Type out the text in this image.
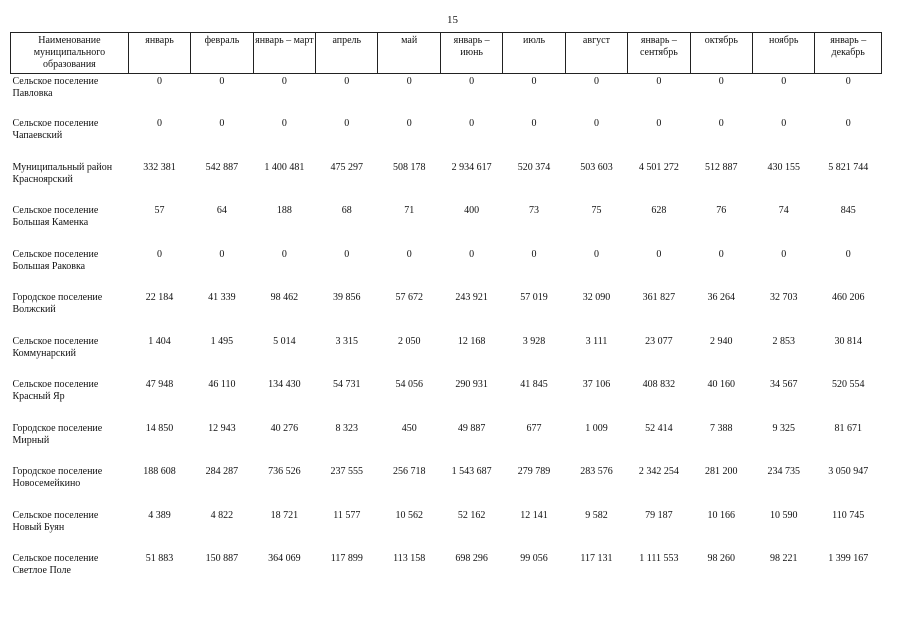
15
Наименование муниципального образования	январь	февраль	январь – март	апрель	май	январь – июнь	июль	август	январь – сентябрь	октябрь	ноябрь	январь – декабрь
Сельское поселение Павловка	0	0	0	0	0	0	0	0	0	0	0	0
Сельское поселение Чапаевский	0	0	0	0	0	0	0	0	0	0	0	0
Муниципальный район Красноярский	332 381	542 887	1 400 481	475 297	508 178	2 934 617	520 374	503 603	4 501 272	512 887	430 155	5 821 744
Сельское поселение Большая Каменка	57	64	188	68	71	400	73	75	628	76	74	845
Сельское поселение Большая Раковка	0	0	0	0	0	0	0	0	0	0	0	0
Городское поселение Волжский	22 184	41 339	98 462	39 856	57 672	243 921	57 019	32 090	361 827	36 264	32 703	460 206
Сельское поселение Коммунарский	1 404	1 495	5 014	3 315	2 050	12 168	3 928	3 111	23 077	2 940	2 853	30 814
Сельское поселение Красный Яр	47 948	46 110	134 430	54 731	54 056	290 931	41 845	37 106	408 832	40 160	34 567	520 554
Городское поселение Мирный	14 850	12 943	40 276	8 323	450	49 887	677	1 009	52 414	7 388	9 325	81 671
Городское поселение Новосемейкино	188 608	284 287	736 526	237 555	256 718	1 543 687	279 789	283 576	2 342 254	281 200	234 735	3 050 947
Сельское поселение Новый Буян	4 389	4 822	18 721	11 577	10 562	52 162	12 141	9 582	79 187	10 166	10 590	110 745
Сельское поселение Светлое Поле	51 883	150 887	364 069	117 899	113 158	698 296	99 056	117 131	1 111 553	98 260	98 221	1 399 167
